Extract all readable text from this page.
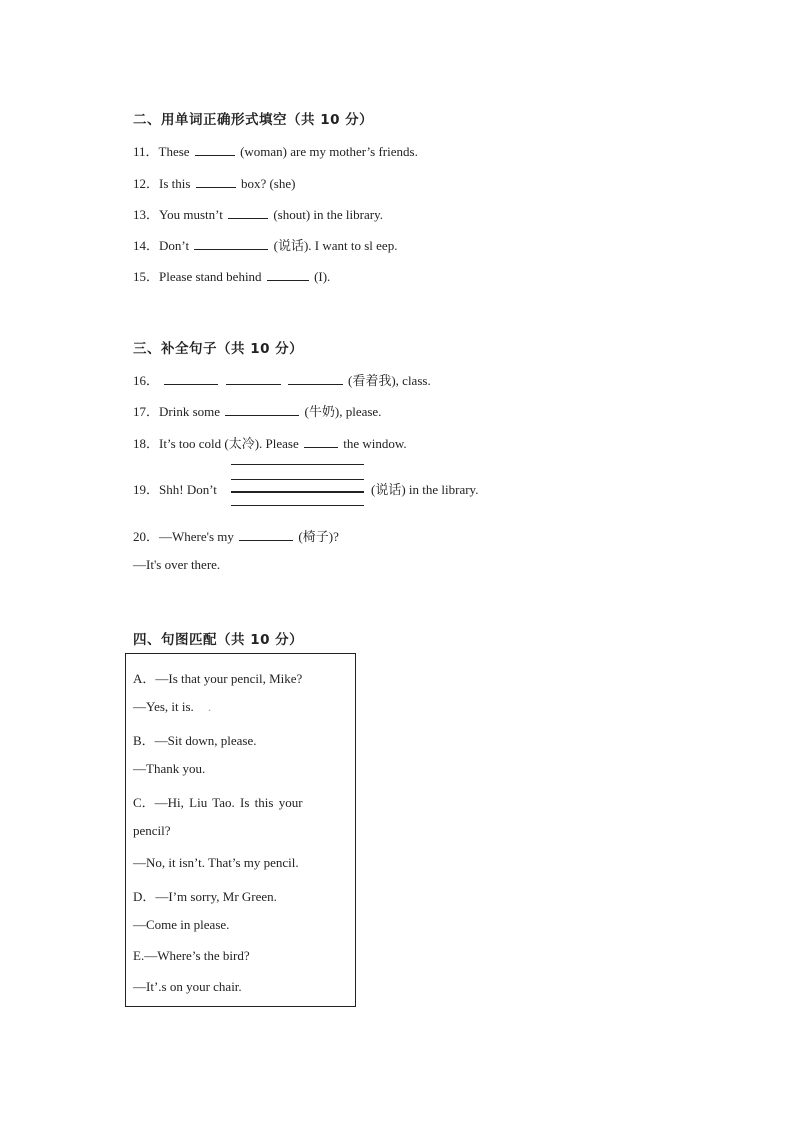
二、用单词正确形式填空（共 10 分）
11．These	(woman) are my mother’s friends.
12．Is this	box? (she)
13．You mustn’t	(shout) in the library.
14．Don’t	(说话). I want to sl eep.
15．Please stand behind	(I).
三、补全句子（共 10 分）
16．	(看着我), class.
17．Drink some	(牛奶), please.
18．It’s too cold (太冷). Please	the window.
19．Shh! Don’t	(说话) in the library.
20．—Where's my	(椅子)?
—It's over there.
四、句图匹配（共 10 分）
A．—Is that your pencil, Mike?
—Yes, it is. .
B．—Sit down, please.
—Thank you.
C．—Hi, Liu Tao. Is this your
pencil?
—No, it isn’t. That’s my pencil.
D．—I’m sorry, Mr Green.
—Come in please.
E.—Where’s the bird?
—It’.s on your chair.
